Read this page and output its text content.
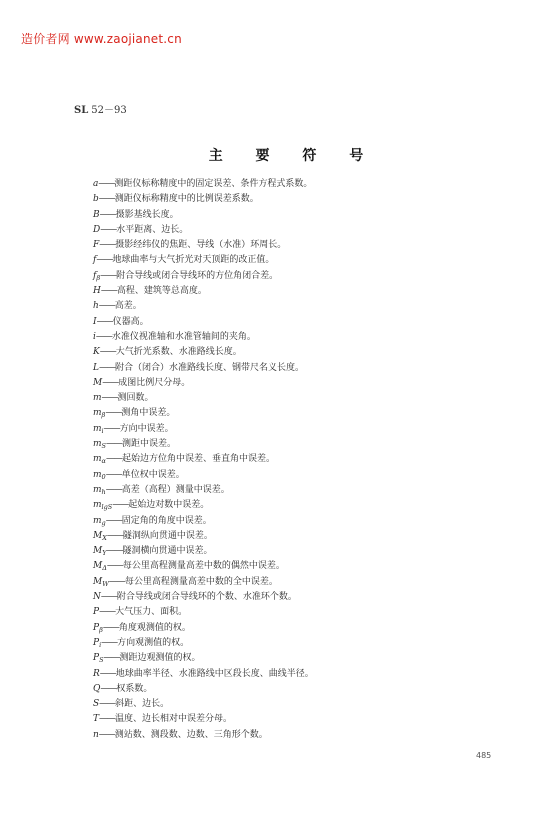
造价者网 www.zaojianet.cn
SL 52－93
主 要 符 号
a——测距仪标称精度中的固定误差、条件方程式系数。
b——测距仪标称精度中的比例误差系数。
B——摄影基线长度。
D——水平距离、边长。
F——摄影经纬仪的焦距、导线（水准）环周长。
f——地球曲率与大气折光对天顶距的改正值。
$f_\beta——$附合导线或闭合导线环的方位角闭合差。
H——高程、建筑等总高度。
h——高差。
I——仪器高。
i——水准仪视准轴和水准管轴间的夹角。
K——大气折光系数、水准路线长度。
L——附合（闭合）水准路线长度、钢带尺名义长度。
M——成图比例尺分母。
m——测回数。
$m_\beta——$测角中误差。
$m_i——$方向中误差。
$m_S——$测距中误差。
$m_\alpha——$起始边方位角中误差、垂直角中误差。
$m_0——$单位权中误差。
$m_h——$高差（高程）测量中误差。
$m_{lgS}——$起始边对数中误差。
$m_g——$固定角的角度中误差。
$M_X——$隧洞纵向贯通中误差。
$M_Y——$隧洞横向贯通中误差。
$M_\Delta——$每公里高程测量高差中数的偶然中误差。
$M_W——$每公里高程测量高差中数的全中误差。
N——附合导线或闭合导线环的个数、水准环个数。
P——大气压力、面积。
$P_\beta——$角度观测值的权。
$P_i——$方向观测值的权。
$P_S——$测距边观测值的权。
R——地球曲率半径、水准路线中区段长度、曲线半径。
Q——权系数。
S——斜距、边长。
T——温度、边长相对中误差分母。
n——测站数、测段数、边数、三角形个数。
485
